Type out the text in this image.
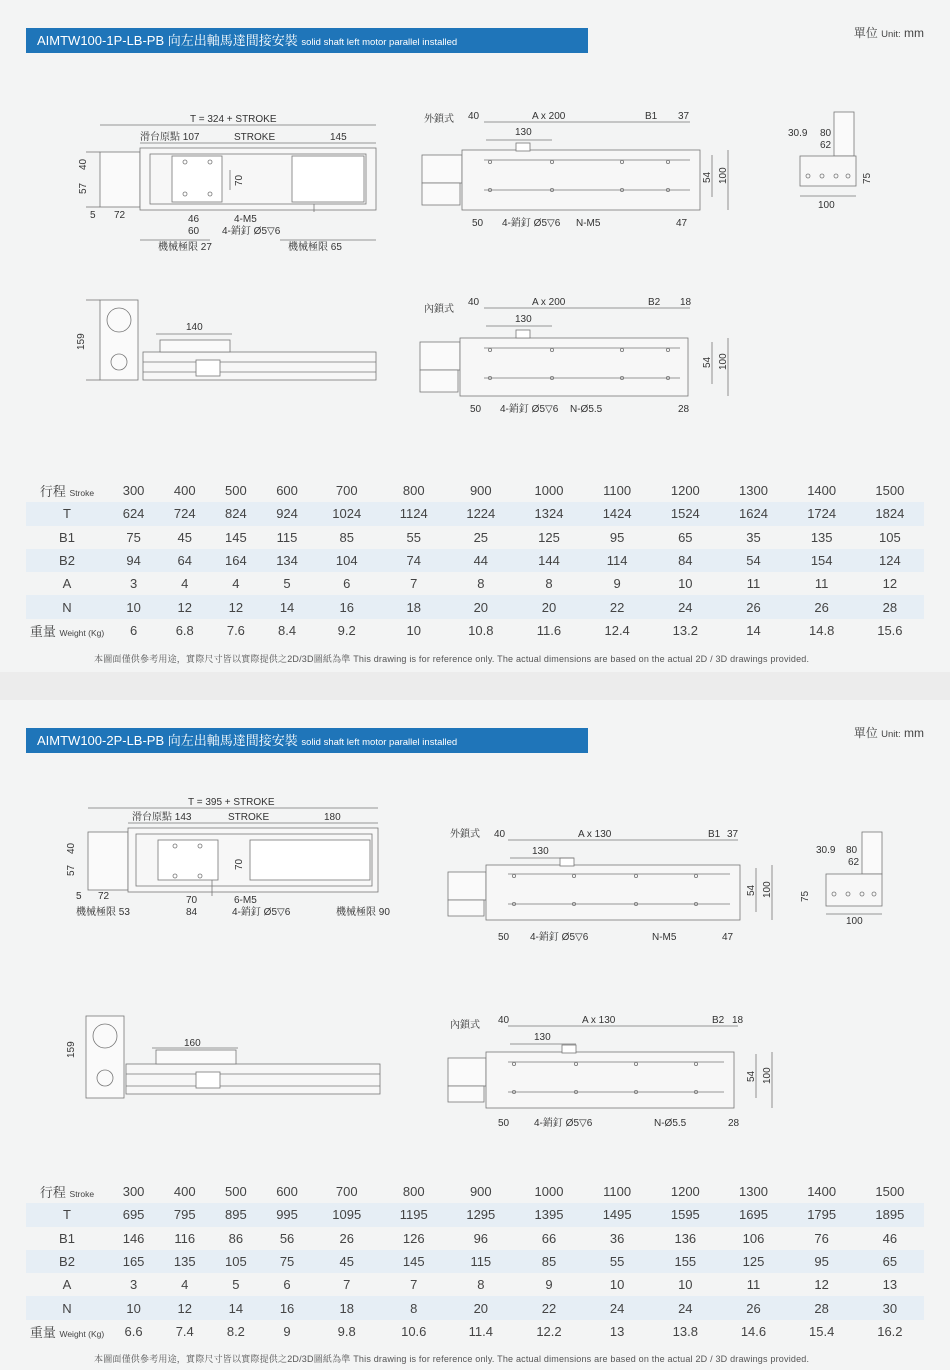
AIMTW100-1P-LB-PB 向左出軸馬達間接安裝 solid shaft left motor parallel installed
單位 Unit: mm
T = 324 + STROKE
滑台原點 107	STROKE	145
40
57
70
5 72	46
60
4-M5
4-銷釘 Ø5▽6
機械極限 27	機械極限 65
外鎖式 40	A x 200	B1 37
130
54 100
50 4-銷釘 Ø5▽6 N-M5	47
30.9 80
62
75
100
159
140
內鎖式
40	A x 200	B2 18
130
54 100
50 4-銷釘 Ø5▽6 N-Ø5.5	28
行程 Stroke	300	400	500	600	700	800	900	1000	1100	1200	1300	1400	1500
T	624	724	824	924	1024	1124	1224	1324	1424	1524	1624	1724	1824
B1	75	45	145	115	85	55	25	125	95	65	35	135	105
B2	94	64	164	134	104	74	44	144	114	84	54	154	124
A	3	4	4	5	6	7	8	8	9	10	11	11	12
N	10	12	12	14	16	18	20	20	22	24	26	26	28
重量 Weight (Kg)	6	6.8	7.6	8.4	9.2	10	10.8	11.6	12.4	13.2	14	14.8	15.6
本圖面僅供參考用途，實際尺寸皆以實際提供之2D/3D圖紙為準 This drawing is for reference only. The actual dimensions are based on the actual 2D / 3D drawings provided.
AIMTW100-2P-LB-PB 向左出軸馬達間接安裝 solid shaft left motor parallel installed
單位 Unit: mm
T = 395 + STROKE
滑台原點 143	STROKE	180
40
57
70
5 72	70
84
6-M5
4-銷釘 Ø5▽6
機械極限 53	機械極限 90
外鎖式 40	A x 130	B1 37
130
54 100
50 4-銷釘 Ø5▽6	N-M5	47
30.9 80
62
75
100
159	160
內鎖式 40	A x 130	B2 18
130
54 100
50 4-銷釘 Ø5▽6	N-Ø5.5	28
行程 Stroke	300	400	500	600	700	800	900	1000	1100	1200	1300	1400	1500
T	695	795	895	995	1095	1195	1295	1395	1495	1595	1695	1795	1895
B1	146	116	86	56	26	126	96	66	36	136	106	76	46
B2	165	135	105	75	45	145	115	85	55	155	125	95	65
A	3	4	5	6	7	7	8	9	10	10	11	12	13
N	10	12	14	16	18	8	20	22	24	24	26	28	30
重量 Weight (Kg)	6.6	7.4	8.2	9	9.8	10.6	11.4	12.2	13	13.8	14.6	15.4	16.2
本圖面僅供參考用途，實際尺寸皆以實際提供之2D/3D圖紙為準 This drawing is for reference only. The actual dimensions are based on the actual 2D / 3D drawings provided.
